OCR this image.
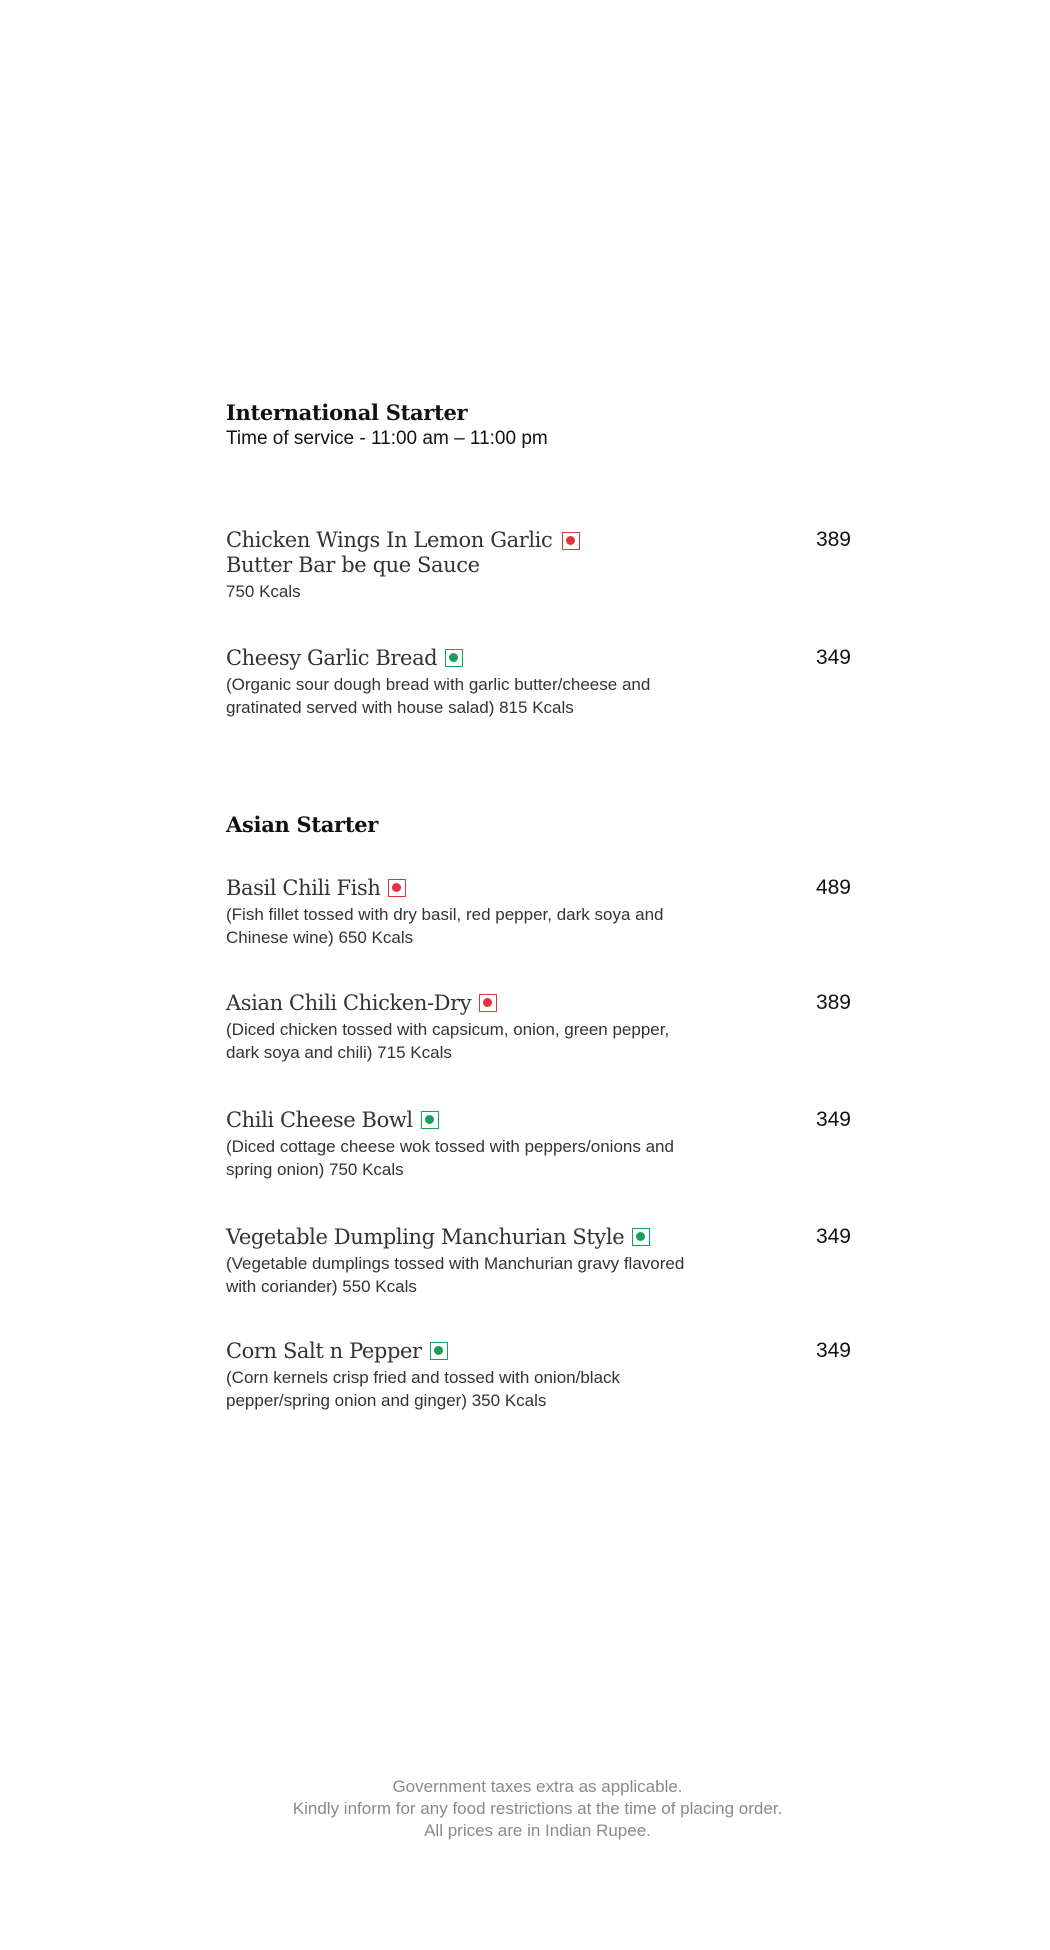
International Starter
Time of service - 11:00 am – 11:00 pm
Chicken Wings In Lemon Garlic Butter Bar be que Sauce
750 Kcals
389
Cheesy Garlic Bread
(Organic sour dough bread with garlic butter/cheese and gratinated served with house salad) 815 Kcals
349
Asian Starter
Basil Chili Fish
(Fish fillet tossed with dry basil, red pepper, dark soya and Chinese wine) 650 Kcals
489
Asian Chili Chicken-Dry
(Diced chicken tossed with capsicum, onion, green pepper, dark soya and chili) 715 Kcals
389
Chili Cheese Bowl
(Diced cottage cheese wok tossed with peppers/onions and spring onion) 750 Kcals
349
Vegetable Dumpling Manchurian Style
(Vegetable dumplings tossed with Manchurian gravy flavored with coriander) 550 Kcals
349
Corn Salt n Pepper
(Corn kernels crisp fried and tossed with onion/black pepper/spring onion and ginger) 350 Kcals
349
Government taxes extra as applicable.
Kindly inform for any food restrictions at the time of placing order.
All prices are in Indian Rupee.
